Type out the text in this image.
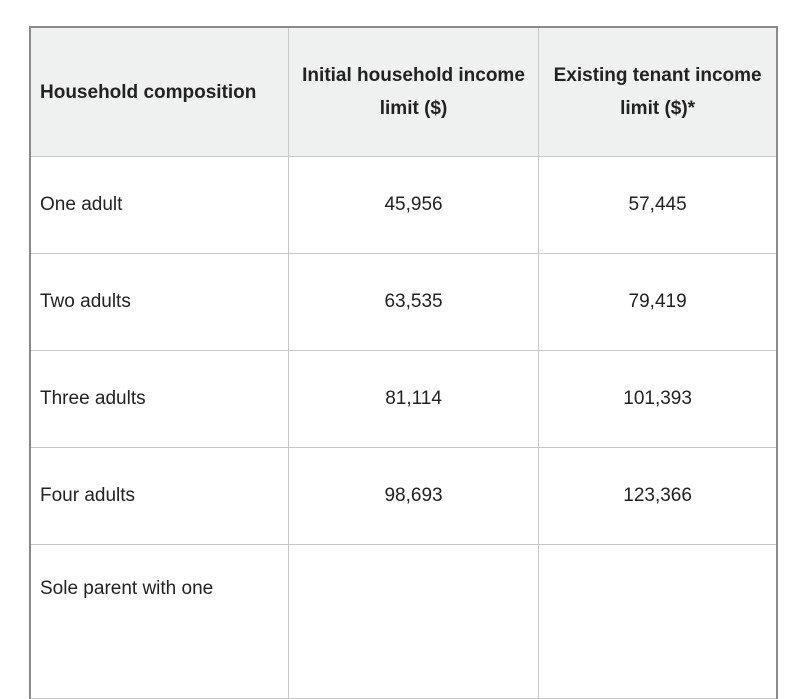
Household composition	Initial household income limit ($)	Existing tenant income limit ($)*
One adult	45,956	57,445
Two adults	63,535	79,419
Three adults	81,114	101,393
Four adults	98,693	123,366
Sole parent with one		
